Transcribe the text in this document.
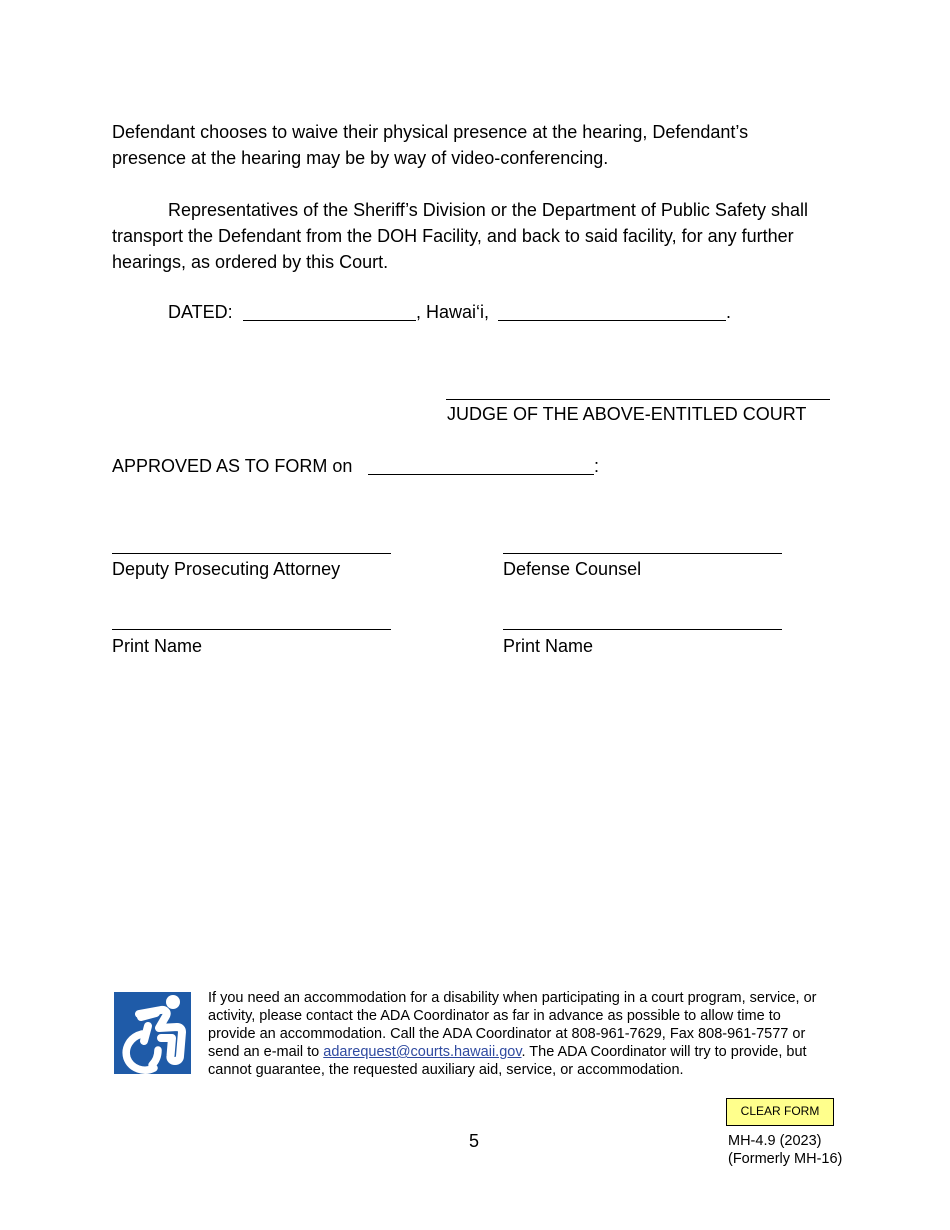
Defendant chooses to waive their physical presence at the hearing, Defendant’s
presence at the hearing may be by way of video-conferencing.
Representatives of the Sheriff’s Division or the Department of Public Safety shall
transport the Defendant from the DOH Facility, and back to said facility, for any further
hearings, as ordered by this Court.
DATED:	, Hawai‘i,	.
JUDGE OF THE ABOVE-ENTITLED COURT
APPROVED AS TO FORM on	:
Deputy Prosecuting Attorney	Defense Counsel
Print Name	Print Name
If you need an accommodation for a disability when participating in a court program, service, or activity, please contact the ADA Coordinator as far in advance as possible to allow time to provide an accommodation. Call the ADA Coordinator at 808-961-7629, Fax 808-961-7577 or send an e-mail to adarequest@courts.hawaii.gov. The ADA Coordinator will try to provide, but cannot guarantee, the requested auxiliary aid, service, or accommodation.
CLEAR FORM
5	MH-4.9 (2023)
(Formerly MH-16)
